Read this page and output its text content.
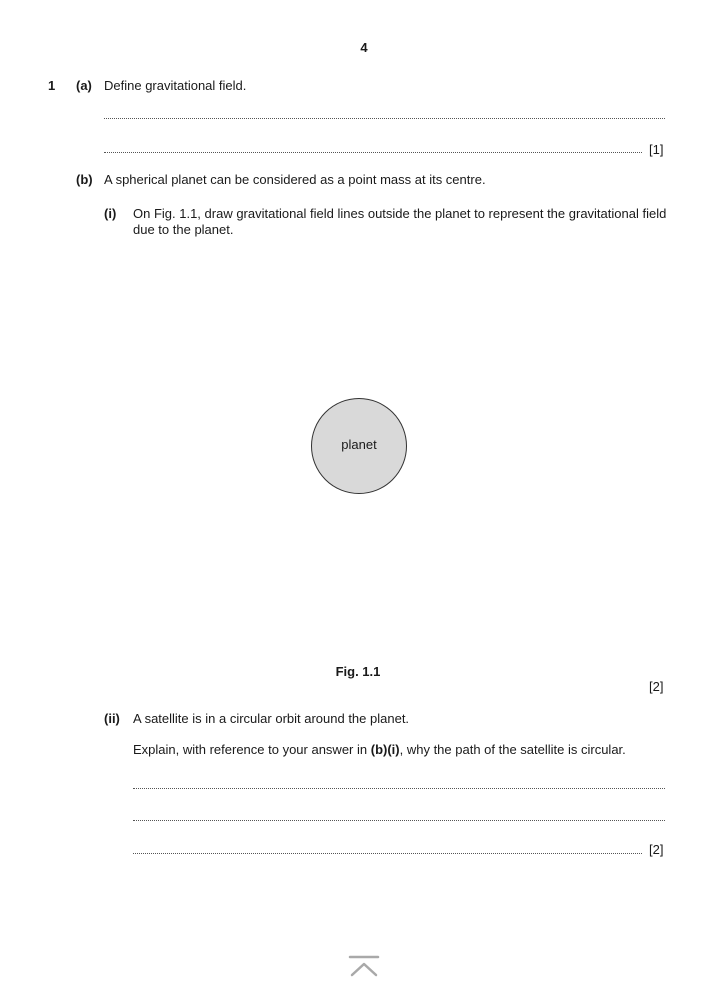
4
1 (a) Define gravitational field.
[1]
(b) A spherical planet can be considered as a point mass at its centre.
(i) On Fig. 1.1, draw gravitational field lines outside the planet to represent the gravitational field due to the planet.
planet
Fig. 1.1
[2]
(ii) A satellite is in a circular orbit around the planet.
Explain, with reference to your answer in (b)(i), why the path of the satellite is circular.
[2]
